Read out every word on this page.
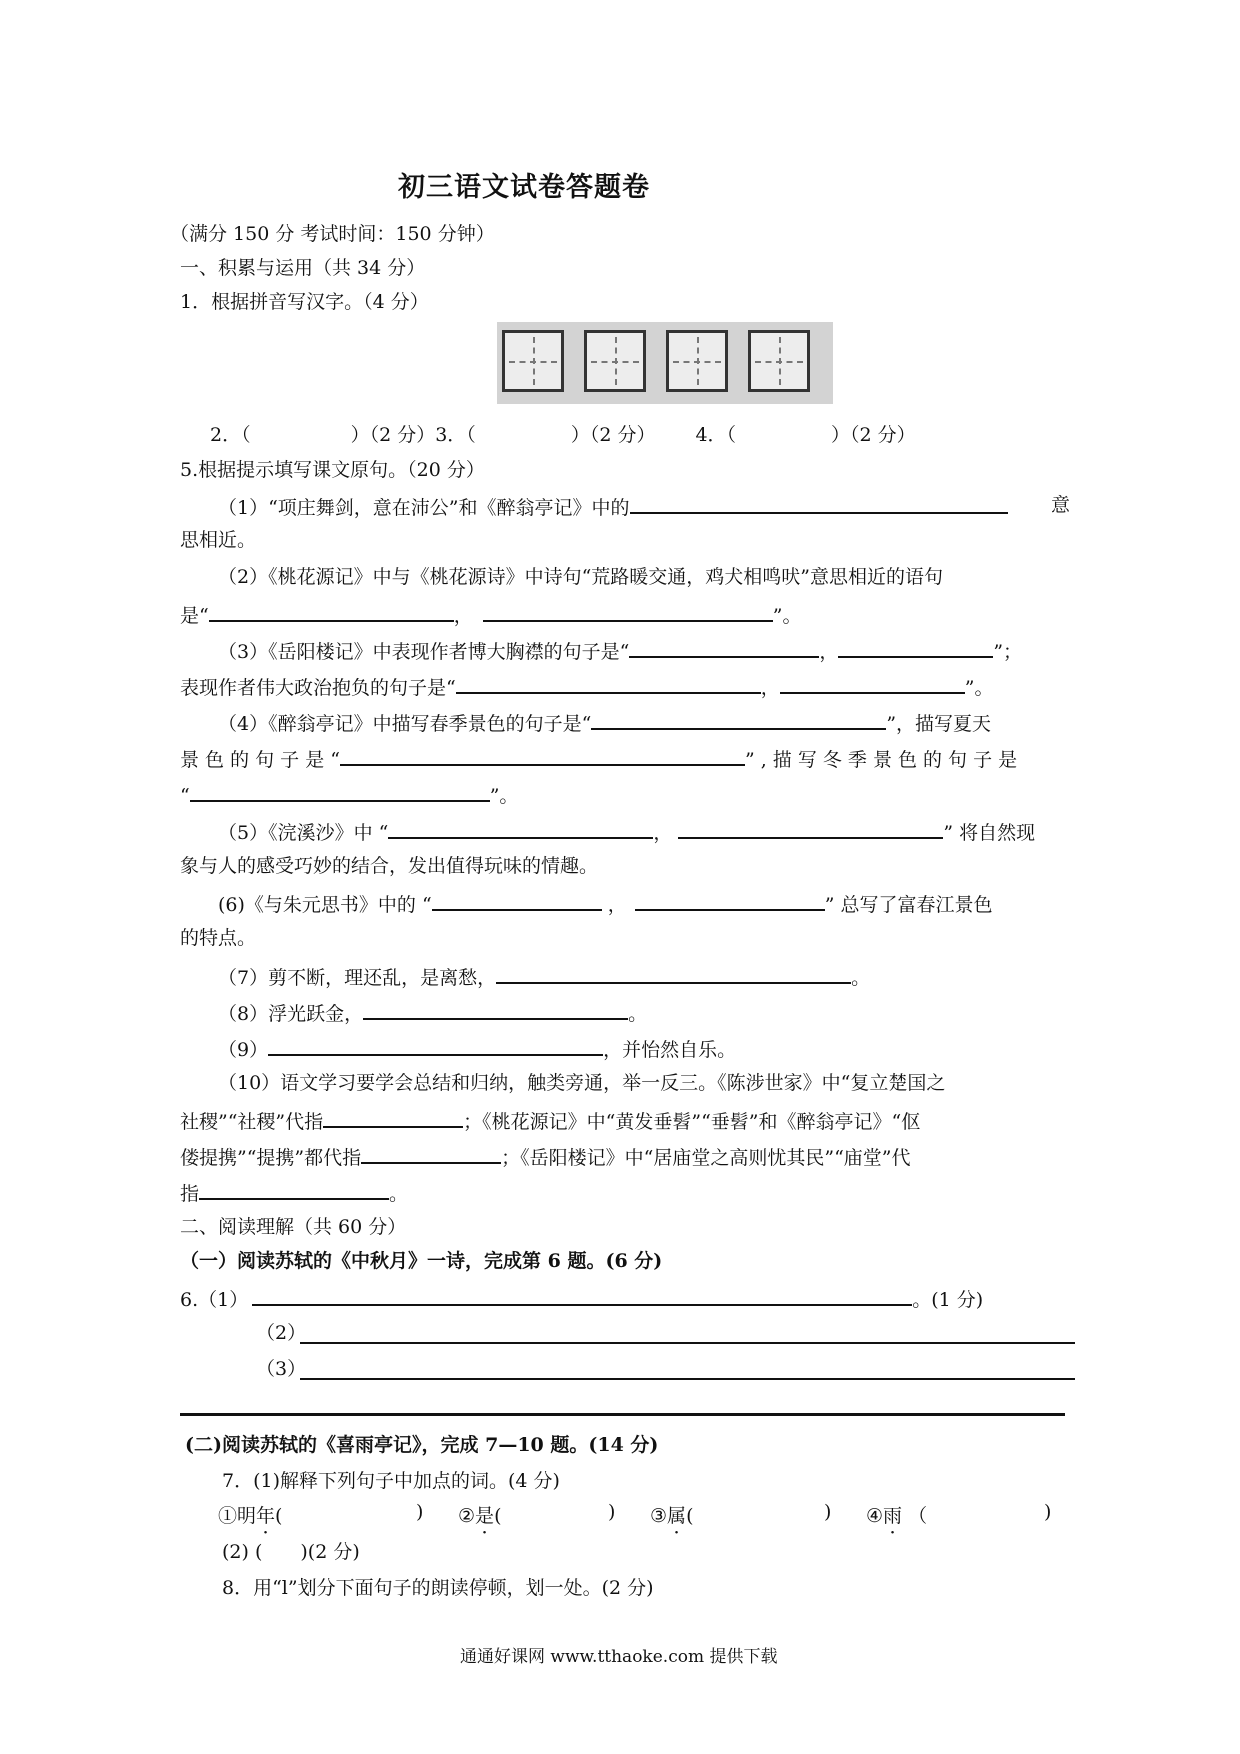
初三语文试卷答题卷
（满分 150 分 考试时间：150 分钟）
一、积累与运用（共 34 分）
1．根据拼音写汉字。（4 分）
2．（	）（2 分）3．（	）（2 分） 4．（	）（2 分）
5.根据提示填写课文原句。（20 分）
（1）“项庄舞剑，意在沛公”和《醉翁亭记》中的	意
思相近。
（2）《桃花源记》中与《桃花源诗》中诗句“荒路暖交通，鸡犬相鸣吠”意思相近的语句
是“	，	”。
（3）《岳阳楼记》中表现作者博大胸襟的句子是“	，	”；
表现作者伟大政治抱负的句子是“	，	”。
（4）《醉翁亭记》中描写春季景色的句子是“	”，描写夏天
景 色 的 句 子 是 “	” , 描 写 冬 季 景 色 的 句 子 是
“	”。
（5）《浣溪沙》中 “	，	” 将自然现
象与人的感受巧妙的结合，发出值得玩味的情趣。
(6)《与朱元思书》中的 “	，	” 总写了富春江景色
的特点。
（7）剪不断，理还乱，是离愁，	。
（8）浮光跃金，	。
（9）	，并怡然自乐。
（10）语文学习要学会总结和归纳，触类旁通，举一反三。《陈涉世家》中“复立楚国之
社稷”“社稷”代指	；《桃花源记》中“黄发垂髫”“垂髫”和《醉翁亭记》“伛
偻提携”“提携”都代指	；《岳阳楼记》中“居庙堂之高则忧其民”“庙堂”代
指	。
二、阅读理解（共 60 分）
（一）阅读苏轼的《中秋月》一诗，完成第 6 题。(6 分)
6.（1）	。(1 分)
（2）
（3）
(二)阅读苏轼的《喜雨亭记》，完成 7—10 题。(14 分)
7．(1)解释下列句子中加点的词。(4 分)
①明年(	) ②是(	) ③属(	) ④雨 （	)
(2) (　　)(2 分)
8．用“l”划分下面句子的朗读停顿，划一处。(2 分)
通通好课网 www.tthaoke.com 提供下载
